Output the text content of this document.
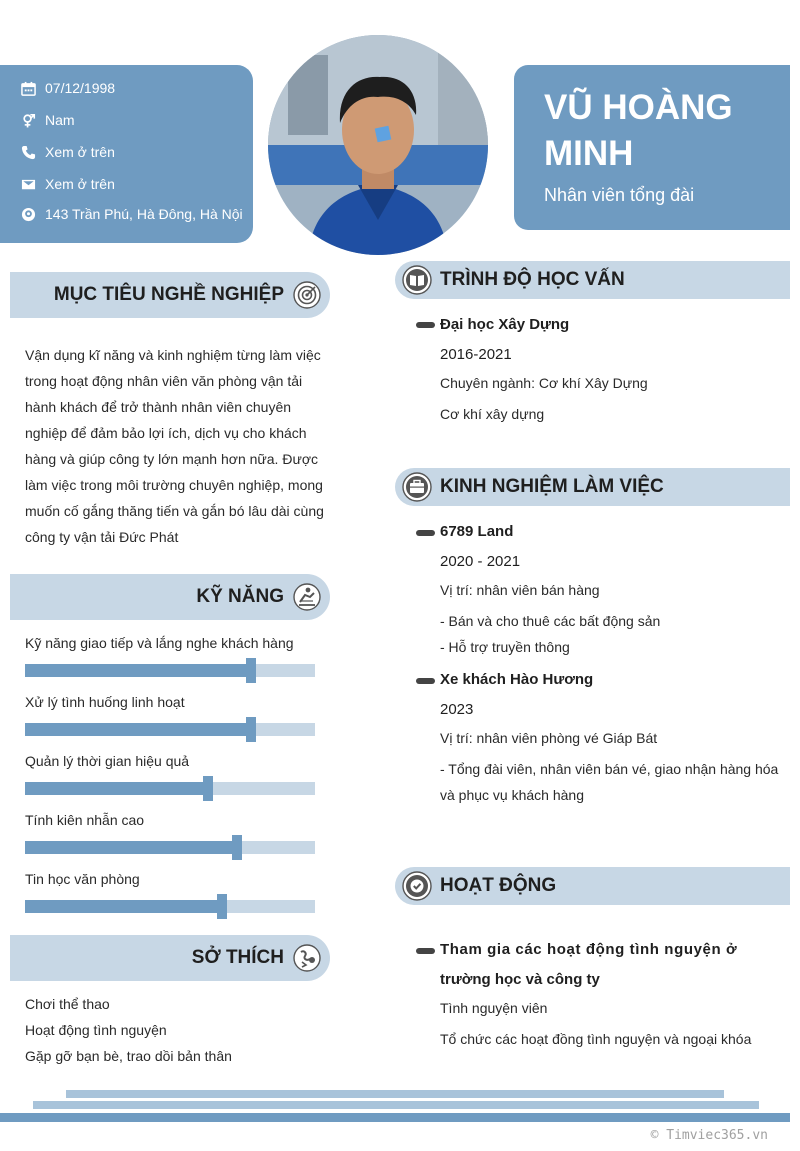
07/12/1998
Nam
Xem ở trên
Xem ở trên
143 Trần Phú, Hà Đông, Hà Nội
VŨ HOÀNG MINH
Nhân viên tổng đài
MỤC TIÊU NGHỀ NGHIỆP
Vận dụng kĩ năng và kinh nghiệm từng làm việc trong hoạt động nhân viên văn phòng vận tải hành khách để trở thành nhân viên chuyên nghiệp để đảm bảo lợi ích, dịch vụ cho khách hàng và giúp công ty lớn mạnh hơn nữa. Được làm việc trong môi trường chuyên nghiệp, mong muốn cố gắng thăng tiến và gắn bó lâu dài cùng công ty vận tải Đức Phát
KỸ NĂNG
Kỹ năng giao tiếp và lắng nghe khách hàng
Xử lý tình huống linh hoạt
Quản lý thời gian hiệu quả
Tính kiên nhẫn cao
Tin học văn phòng
SỞ THÍCH
Chơi thể thao
Hoạt động tình nguyện
Gặp gỡ bạn bè, trao dồi bản thân
TRÌNH ĐỘ HỌC VẤN
Đại học Xây Dựng
2016-2021
Chuyên ngành: Cơ khí Xây Dựng
Cơ khí xây dựng
KINH NGHIỆM LÀM VIỆC
6789 Land
2020 - 2021
Vị trí: nhân viên bán hàng
- Bán và cho thuê các bất động sản
- Hỗ trợ truyền thông
Xe khách Hào Hương
2023
Vị trí: nhân viên phòng vé Giáp Bát
- Tổng đài viên, nhân viên bán vé, giao nhận hàng hóa
và phục vụ khách hàng
HOẠT ĐỘNG
Tham gia các hoạt động tình nguyện ở
trường học và công ty
Tình nguyện viên
Tổ chức các hoạt đồng tình nguyện và ngoại khóa
© Timviec365.vn
